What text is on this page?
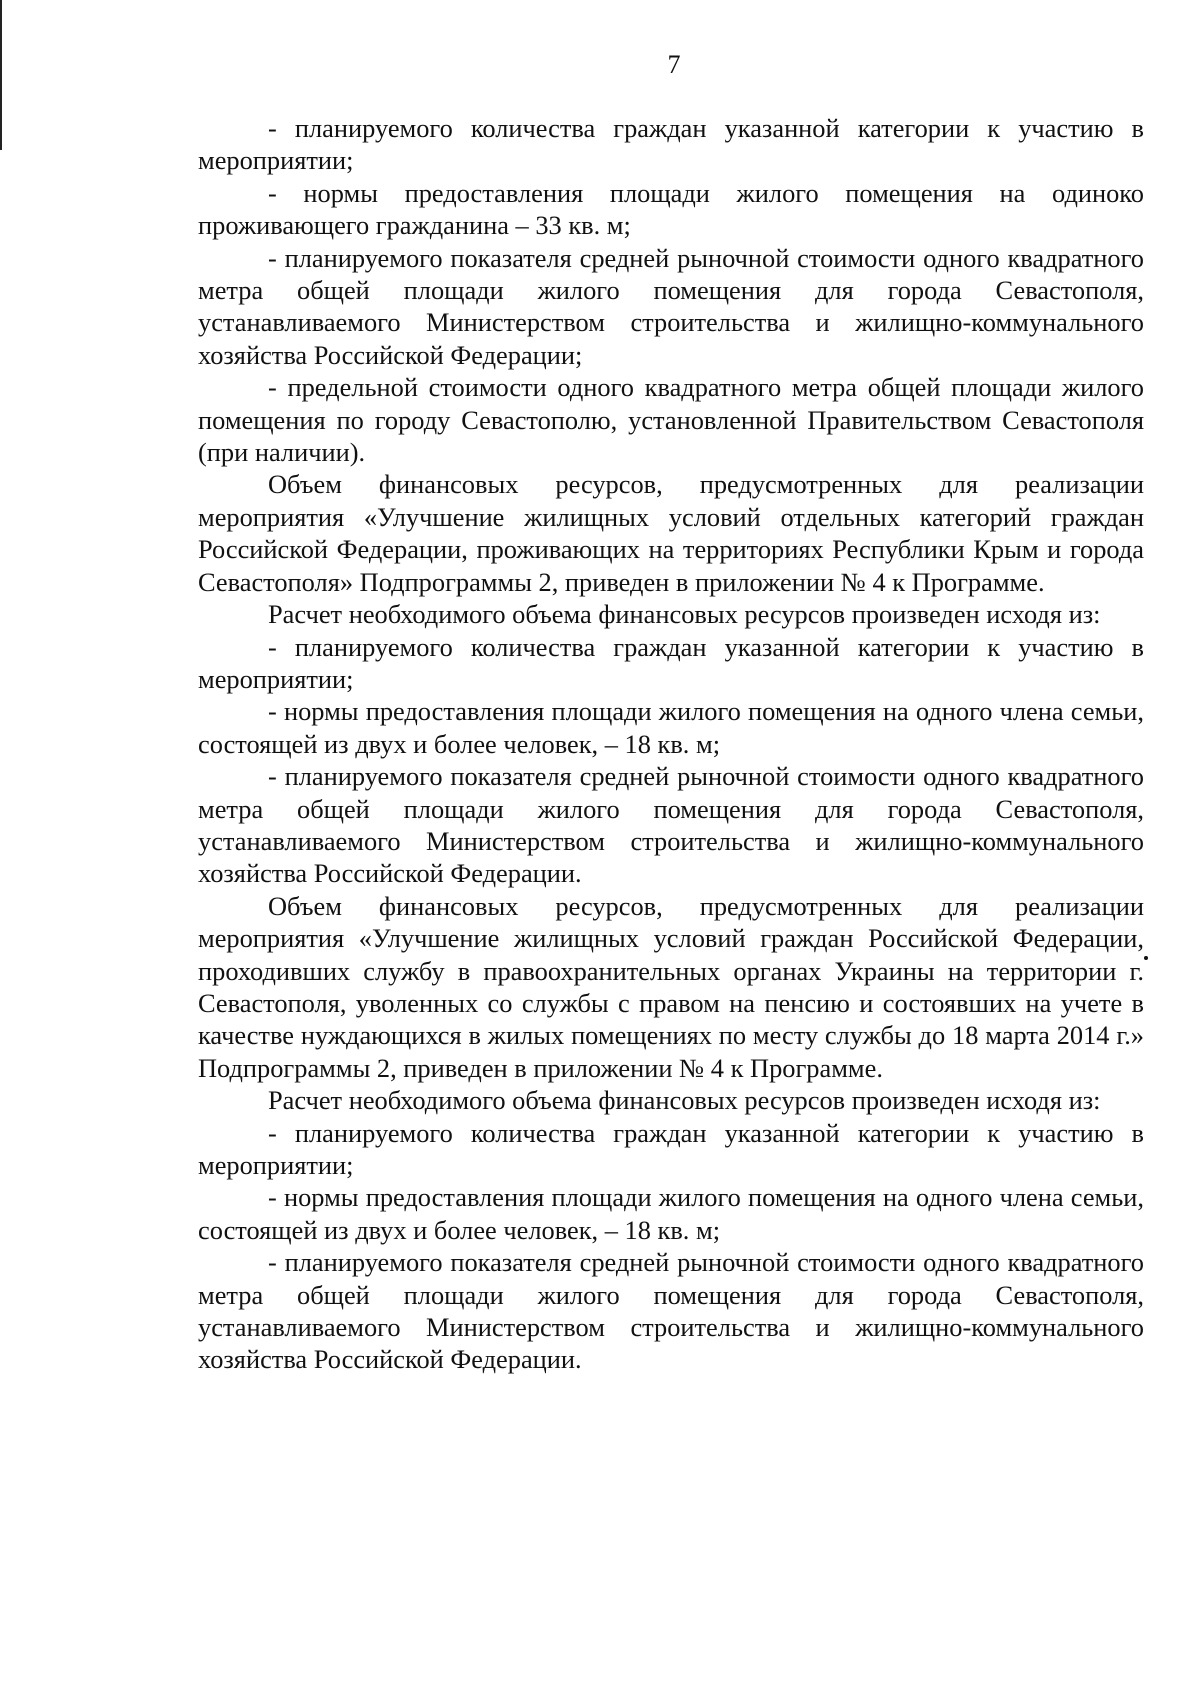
7

- планируемого количества граждан указанной категории к участию в мероприятии;

- нормы предоставления площади жилого помещения на одиноко проживающего гражданина – 33 кв. м;

- планируемого показателя средней рыночной стоимости одного квадратного метра общей площади жилого помещения для города Севастополя, устанавливаемого Министерством строительства и жилищно-коммунального хозяйства Российской Федерации;

- предельной стоимости одного квадратного метра общей площади жилого помещения по городу Севастополю, установленной Правительством Севастополя (при наличии).

Объем финансовых ресурсов, предусмотренных для реализации мероприятия «Улучшение жилищных условий отдельных категорий граждан Российской Федерации, проживающих на территориях Республики Крым и города Севастополя» Подпрограммы 2, приведен в приложении № 4 к Программе.

Расчет необходимого объема финансовых ресурсов произведен исходя из:

- планируемого количества граждан указанной категории к участию в мероприятии;

- нормы предоставления площади жилого помещения на одного члена семьи, состоящей из двух и более человек, – 18 кв. м;

- планируемого показателя средней рыночной стоимости одного квадратного метра общей площади жилого помещения для города Севастополя, устанавливаемого Министерством строительства и жилищно-коммунального хозяйства Российской Федерации.

Объем финансовых ресурсов, предусмотренных для реализации мероприятия «Улучшение жилищных условий граждан Российской Федерации, проходивших службу в правоохранительных органах Украины на территории г. Севастополя, уволенных со службы с правом на пенсию и состоявших на учете в качестве нуждающихся в жилых помещениях по месту службы до 18 марта 2014 г.» Подпрограммы 2, приведен в приложении № 4 к Программе.

Расчет необходимого объема финансовых ресурсов произведен исходя из:

- планируемого количества граждан указанной категории к участию в мероприятии;

- нормы предоставления площади жилого помещения на одного члена семьи, состоящей из двух и более человек, – 18 кв. м;

- планируемого показателя средней рыночной стоимости одного квадратного метра общей площади жилого помещения для города Севастополя, устанавливаемого Министерством строительства и жилищно-коммунального хозяйства Российской Федерации.
